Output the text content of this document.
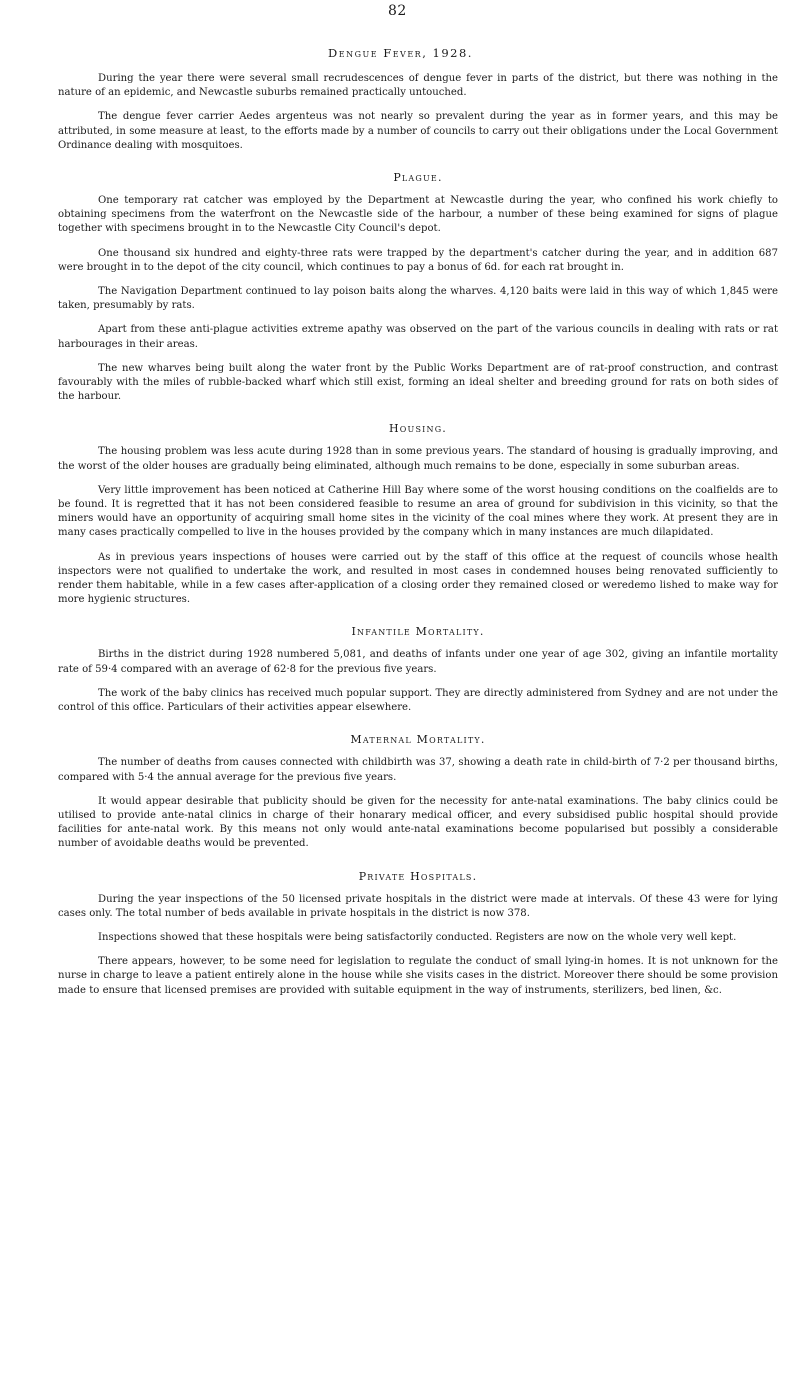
82
Dengue Fever, 1928.

During the year there were several small recrudescences of dengue fever in parts of the district, but there was nothing in the nature of an epidemic, and Newcastle suburbs remained practically untouched.

The dengue fever carrier Aedes argenteus was not nearly so prevalent during the year as in former years, and this may be attributed, in some measure at least, to the efforts made by a number of councils to carry out their obligations under the Local Government Ordinance dealing with mosquitoes.

Plague.

One temporary rat catcher was employed by the Department at Newcastle during the year, who confined his work chiefly to obtaining specimens from the waterfront on the Newcastle side of the harbour, a number of these being examined for signs of plague together with specimens brought in to the Newcastle City Council's depot.

One thousand six hundred and eighty-three rats were trapped by the department's catcher during the year, and in addition 687 were brought in to the depot of the city council, which continues to pay a bonus of 6d. for each rat brought in.

The Navigation Department continued to lay poison baits along the wharves. 4,120 baits were laid in this way of which 1,845 were taken, presumably by rats.

Apart from these anti-plague activities extreme apathy was observed on the part of the various councils in dealing with rats or rat harbourages in their areas.

The new wharves being built along the water front by the Public Works Department are of rat-proof construction, and contrast favourably with the miles of rubble-backed wharf which still exist, forming an ideal shelter and breeding ground for rats on both sides of the harbour.

Housing.

The housing problem was less acute during 1928 than in some previous years. The standard of housing is gradually improving, and the worst of the older houses are gradually being eliminated, although much remains to be done, especially in some suburban areas.

Very little improvement has been noticed at Catherine Hill Bay where some of the worst housing conditions on the coalfields are to be found. It is regretted that it has not been considered feasible to resume an area of ground for subdivision in this vicinity, so that the miners would have an opportunity of acquiring small home sites in the vicinity of the coal mines where they work. At present they are in many cases practically compelled to live in the houses provided by the company which in many instances are much dilapidated.

As in previous years inspections of houses were carried out by the staff of this office at the request of councils whose health inspectors were not qualified to undertake the work, and resulted in most cases in condemned houses being renovated sufficiently to render them habitable, while in a few cases after-application of a closing order they remained closed or weredemo lished to make way for more hygienic structures.

Infantile Mortality.

Births in the district during 1928 numbered 5,081, and deaths of infants under one year of age 302, giving an infantile mortality rate of 59·4 compared with an average of 62·8 for the previous five years.

The work of the baby clinics has received much popular support. They are directly administered from Sydney and are not under the control of this office. Particulars of their activities appear elsewhere.

Maternal Mortality.

The number of deaths from causes connected with childbirth was 37, showing a death rate in child-birth of 7·2 per thousand births, compared with 5·4 the annual average for the previous five years.

It would appear desirable that publicity should be given for the necessity for ante-natal examinations. The baby clinics could be utilised to provide ante-natal clinics in charge of their honarary medical officer, and every subsidised public hospital should provide facilities for ante-natal work. By this means not only would ante-natal examinations become popularised but possibly a considerable number of avoidable deaths would be prevented.

Private Hospitals.

During the year inspections of the 50 licensed private hospitals in the district were made at intervals. Of these 43 were for lying cases only. The total number of beds available in private hospitals in the district is now 378.

Inspections showed that these hospitals were being satisfactorily conducted. Registers are now on the whole very well kept.

There appears, however, to be some need for legislation to regulate the conduct of small lying-in homes. It is not unknown for the nurse in charge to leave a patient entirely alone in the house while she visits cases in the district. Moreover there should be some provision made to ensure that licensed premises are provided with suitable equipment in the way of instruments, sterilizers, bed linen, &c.
